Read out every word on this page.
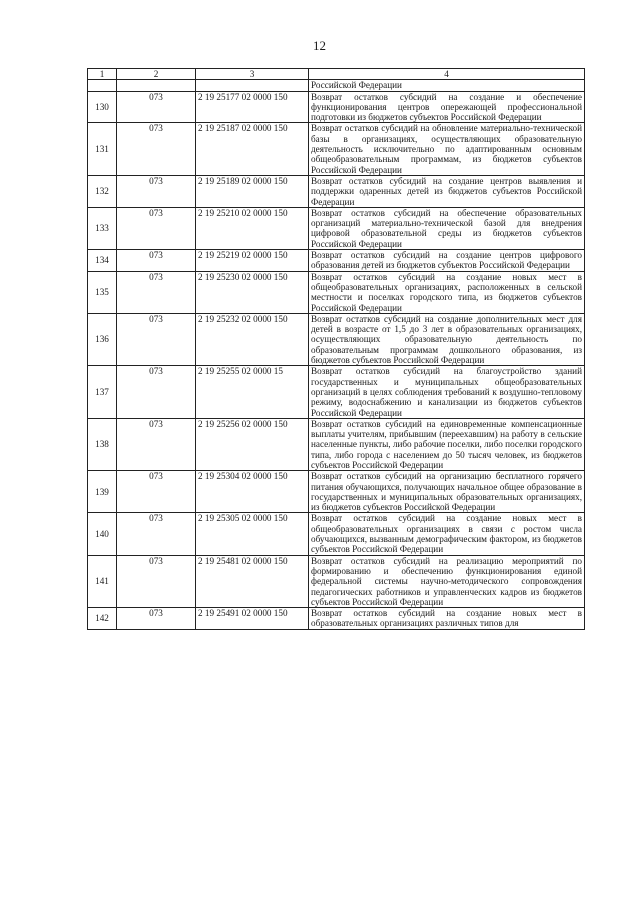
12
1	2	3	4
			Российской Федерации
130	073	2 19 25177 02 0000 150	Возврат остатков субсидий на создание и обеспечение функционирования центров опережающей профессиональной подготовки из бюджетов субъектов Российской Федерации
131	073	2 19 25187 02 0000 150	Возврат остатков субсидий на обновление материально-технической базы в организациях, осуществляющих образовательную деятельность исключительно по адаптированным основным общеобразовательным программам, из бюджетов субъектов Российской Федерации
132	073	2 19 25189 02 0000 150	Возврат остатков субсидий на создание центров выявления и поддержки одаренных детей из бюджетов субъектов Российской Федерации
133	073	2 19 25210 02 0000 150	Возврат остатков субсидий на обеспечение образовательных организаций материально-технической базой для внедрения цифровой образовательной среды из бюджетов субъектов Российской Федерации
134	073	2 19 25219 02 0000 150	Возврат остатков субсидий на создание центров цифрового образования детей из бюджетов субъектов Российской Федерации
135	073	2 19 25230 02 0000 150	Возврат остатков субсидий на создание новых мест в общеобразовательных организациях, расположенных в сельской местности и поселках городского типа, из бюджетов субъектов Российской Федерации
136	073	2 19 25232 02 0000 150	Возврат остатков субсидий на создание дополнительных мест для детей в возрасте от 1,5 до 3 лет в образовательных организациях, осуществляющих образовательную деятельность по образовательным программам дошкольного образования, из бюджетов субъектов Российской Федерации
137	073	2 19 25255 02 0000 15	Возврат остатков субсидий на благоустройство зданий государственных и муниципальных общеобразовательных организаций в целях соблюдения требований к воздушно-тепловому режиму, водоснабжению и канализации из бюджетов субъектов Российской Федерации
138	073	2 19 25256 02 0000 150	Возврат остатков субсидий на единовременные компенсационные выплаты учителям, прибывшим (переехавшим) на работу в сельские населенные пункты, либо рабочие поселки, либо поселки городского типа, либо города с населением до 50 тысяч человек, из бюджетов субъектов Российской Федерации
139	073	2 19 25304 02 0000 150	Возврат остатков субсидий на организацию бесплатного горячего питания обучающихся, получающих начальное общее образование в государственных и муниципальных образовательных организациях, из бюджетов субъектов Российской Федерации
140	073	2 19 25305 02 0000 150	Возврат остатков субсидий на создание новых мест в общеобразовательных организациях в связи с ростом числа обучающихся, вызванным демографическим фактором, из бюджетов субъектов Российской Федерации
141	073	2 19 25481 02 0000 150	Возврат остатков субсидий на реализацию мероприятий по формированию и обеспечению функционирования единой федеральной системы научно-методического сопровождения педагогических работников и управленческих кадров из бюджетов субъектов Российской Федерации
142	073	2 19 25491 02 0000 150	Возврат остатков субсидий на создание новых мест в образовательных организациях различных типов для
